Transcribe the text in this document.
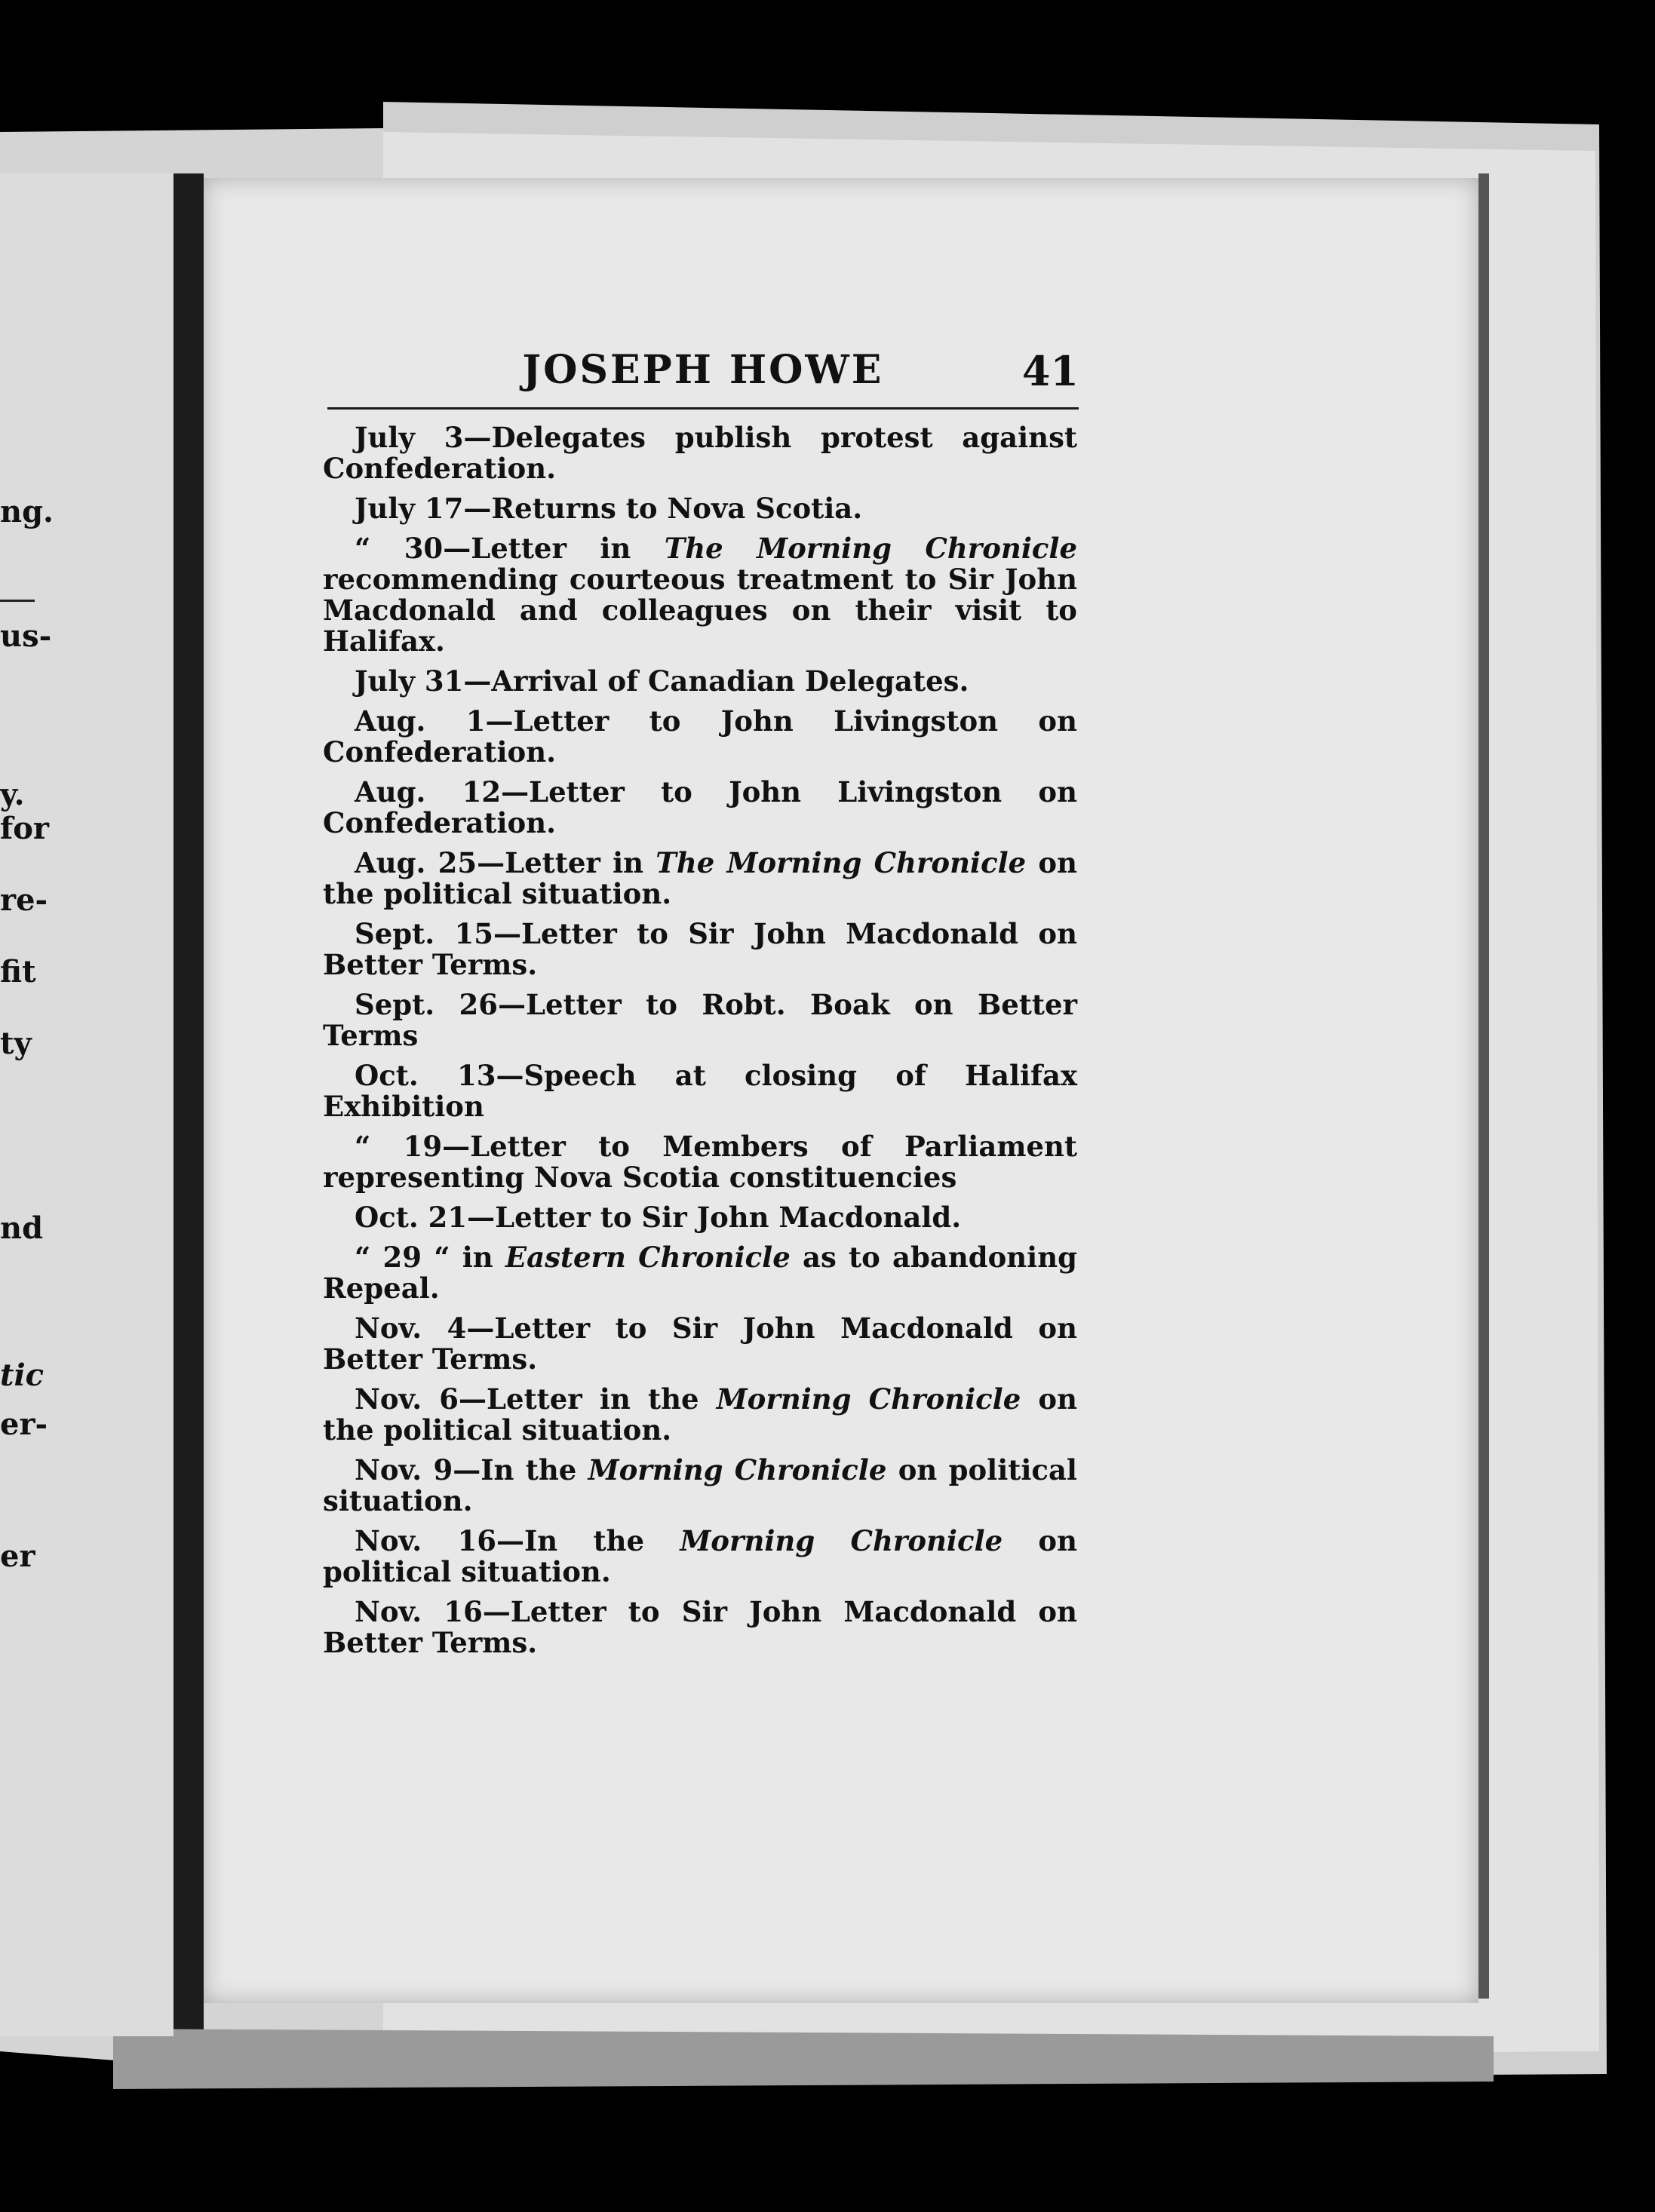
ng.
us-
y.
for
re-
fit
ty
nd
tic
er-
er
JOSEPH HOWE	41

July 3—Delegates publish protest against Confederation.

July 17—Returns to Nova Scotia.

“ 30—Letter in The Morning Chronicle recommending courteous treatment to Sir John Macdonald and colleagues on their visit to Halifax.

July 31—Arrival of Canadian Delegates.

Aug. 1—Letter to John Livingston on Confederation.

Aug. 12—Letter to John Livingston on Confederation.

Aug. 25—Letter in The Morning Chronicle on the political situation.

Sept. 15—Letter to Sir John Macdonald on Better Terms.

Sept. 26—Letter to Robt. Boak on Better Terms

Oct. 13—Speech at closing of Halifax Exhibition

“ 19—Letter to Members of Parliament representing Nova Scotia constituencies

Oct. 21—Letter to Sir John Macdonald.

“ 29 “ in Eastern Chronicle as to abandoning Repeal.

Nov. 4—Letter to Sir John Macdonald on Better Terms.

Nov. 6—Letter in the Morning Chronicle on the political situation.

Nov. 9—In the Morning Chronicle on political situation.

Nov. 16—In the Morning Chronicle on political situation.

Nov. 16—Letter to Sir John Macdonald on Better Terms.
